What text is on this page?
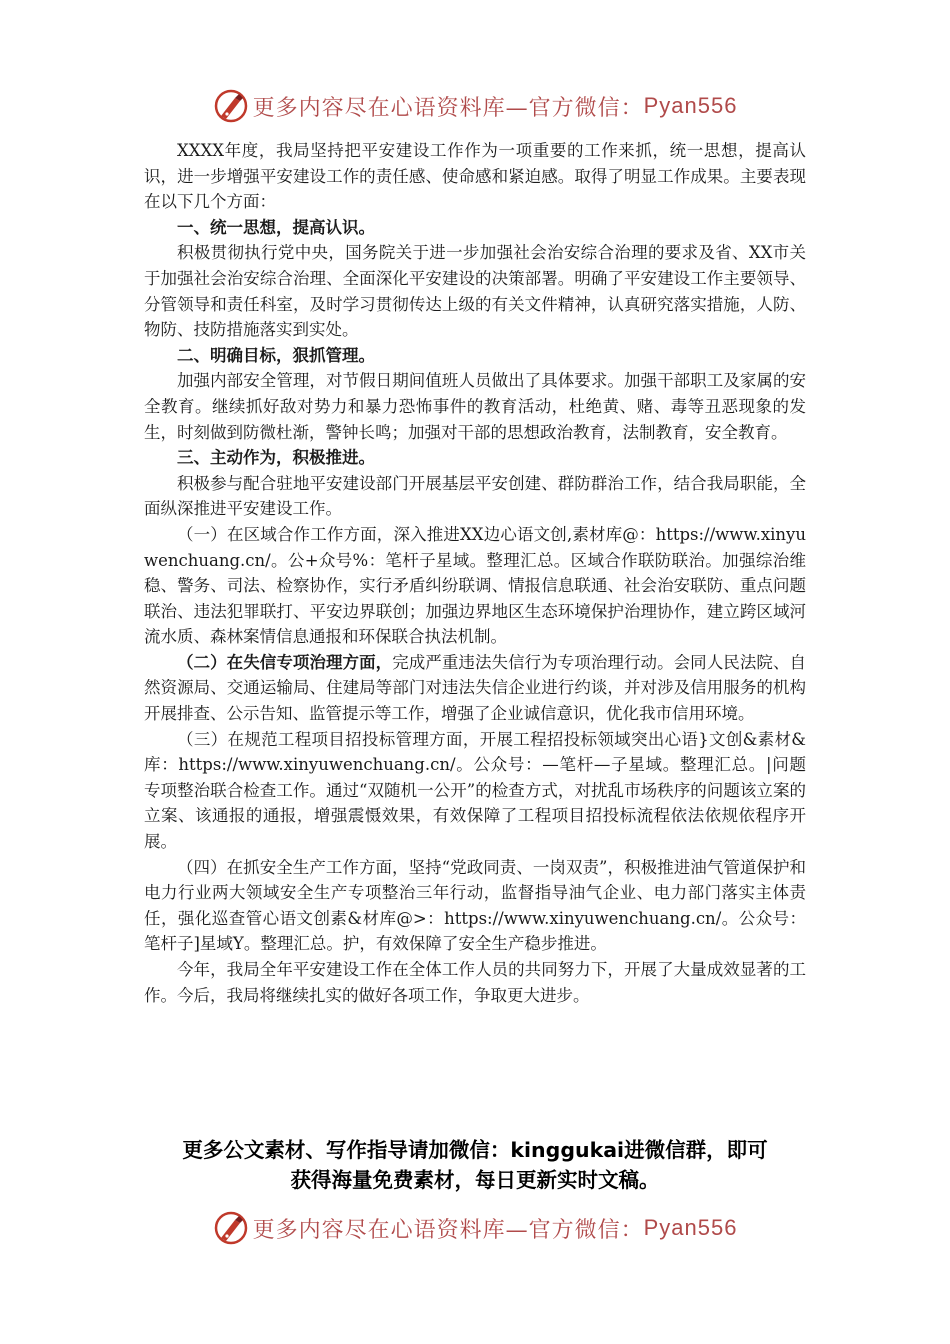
更多内容尽在心语资料库—官方微信： Pyan556

XXXX年度，我局坚持把平安建设工作作为一项重要的工作来抓，统一思想，提高认识，进一步增强平安建设工作的责任感、使命感和紧迫感。取得了明显工作成果。主要表现在以下几个方面：

一、统一思想，提高认识。

积极贯彻执行党中央，国务院关于进一步加强社会治安综合治理的要求及省、XX市关于加强社会治安综合治理、全面深化平安建设的决策部署。明确了平安建设工作主要领导、分管领导和责任科室，及时学习贯彻传达上级的有关文件精神，认真研究落实措施，人防、物防、技防措施落实到实处。

二、明确目标，狠抓管理。

加强内部安全管理，对节假日期间值班人员做出了具体要求。加强干部职工及家属的安全教育。继续抓好敌对势力和暴力恐怖事件的教育活动，杜绝黄、赌、毒等丑恶现象的发生，时刻做到防微杜渐，警钟长鸣；加强对干部的思想政治教育，法制教育，安全教育。

三、主动作为，积极推进。

积极参与配合驻地平安建设部门开展基层平安创建、群防群治工作，结合我局职能，全面纵深推进平安建设工作。

（一）在区域合作工作方面，深入推进XX边心语文创,素材库@：https://www.xinyuwenchuang.cn/。公+众号%：笔杆子星域。整理汇总。区域合作联防联治。加强综治维稳、警务、司法、检察协作，实行矛盾纠纷联调、情报信息联通、社会治安联防、重点问题联治、违法犯罪联打、平安边界联创；加强边界地区生态环境保护治理协作，建立跨区域河流水质、森林案情信息通报和环保联合执法机制。

（二）在失信专项治理方面，完成严重违法失信行为专项治理行动。会同人民法院、自然资源局、交通运输局、住建局等部门对违法失信企业进行约谈，并对涉及信用服务的机构开展排查、公示告知、监管提示等工作，增强了企业诚信意识，优化我市信用环境。

（三）在规范工程项目招投标管理方面，开展工程招投标领域突出心语}文创&素材&库：https://www.xinyuwenchuang.cn/。公众号：—笔杆—子星域。整理汇总。|问题专项整治联合检查工作。通过“双随机一公开”的检查方式，对扰乱市场秩序的问题该立案的立案、该通报的通报，增强震慑效果，有效保障了工程项目招投标流程依法依规依程序开展。

（四）在抓安全生产工作方面，坚持“党政同责、一岗双责”，积极推进油气管道保护和电力行业两大领域安全生产专项整治三年行动，监督指导油气企业、电力部门落实主体责任，强化巡查管心语文创素&材库@>：https://www.xinyuwenchuang.cn/。公众号：笔杆子]星域Y。整理汇总。护，有效保障了安全生产稳步推进。

今年，我局全年平安建设工作在全体工作人员的共同努力下，开展了大量成效显著的工作。今后，我局将继续扎实的做好各项工作，争取更大进步。

更多公文素材、写作指导请加微信：kinggukai进微信群，即可
获得海量免费素材，每日更新实时文稿。
更多内容尽在心语资料库—官方微信： Pyan556
